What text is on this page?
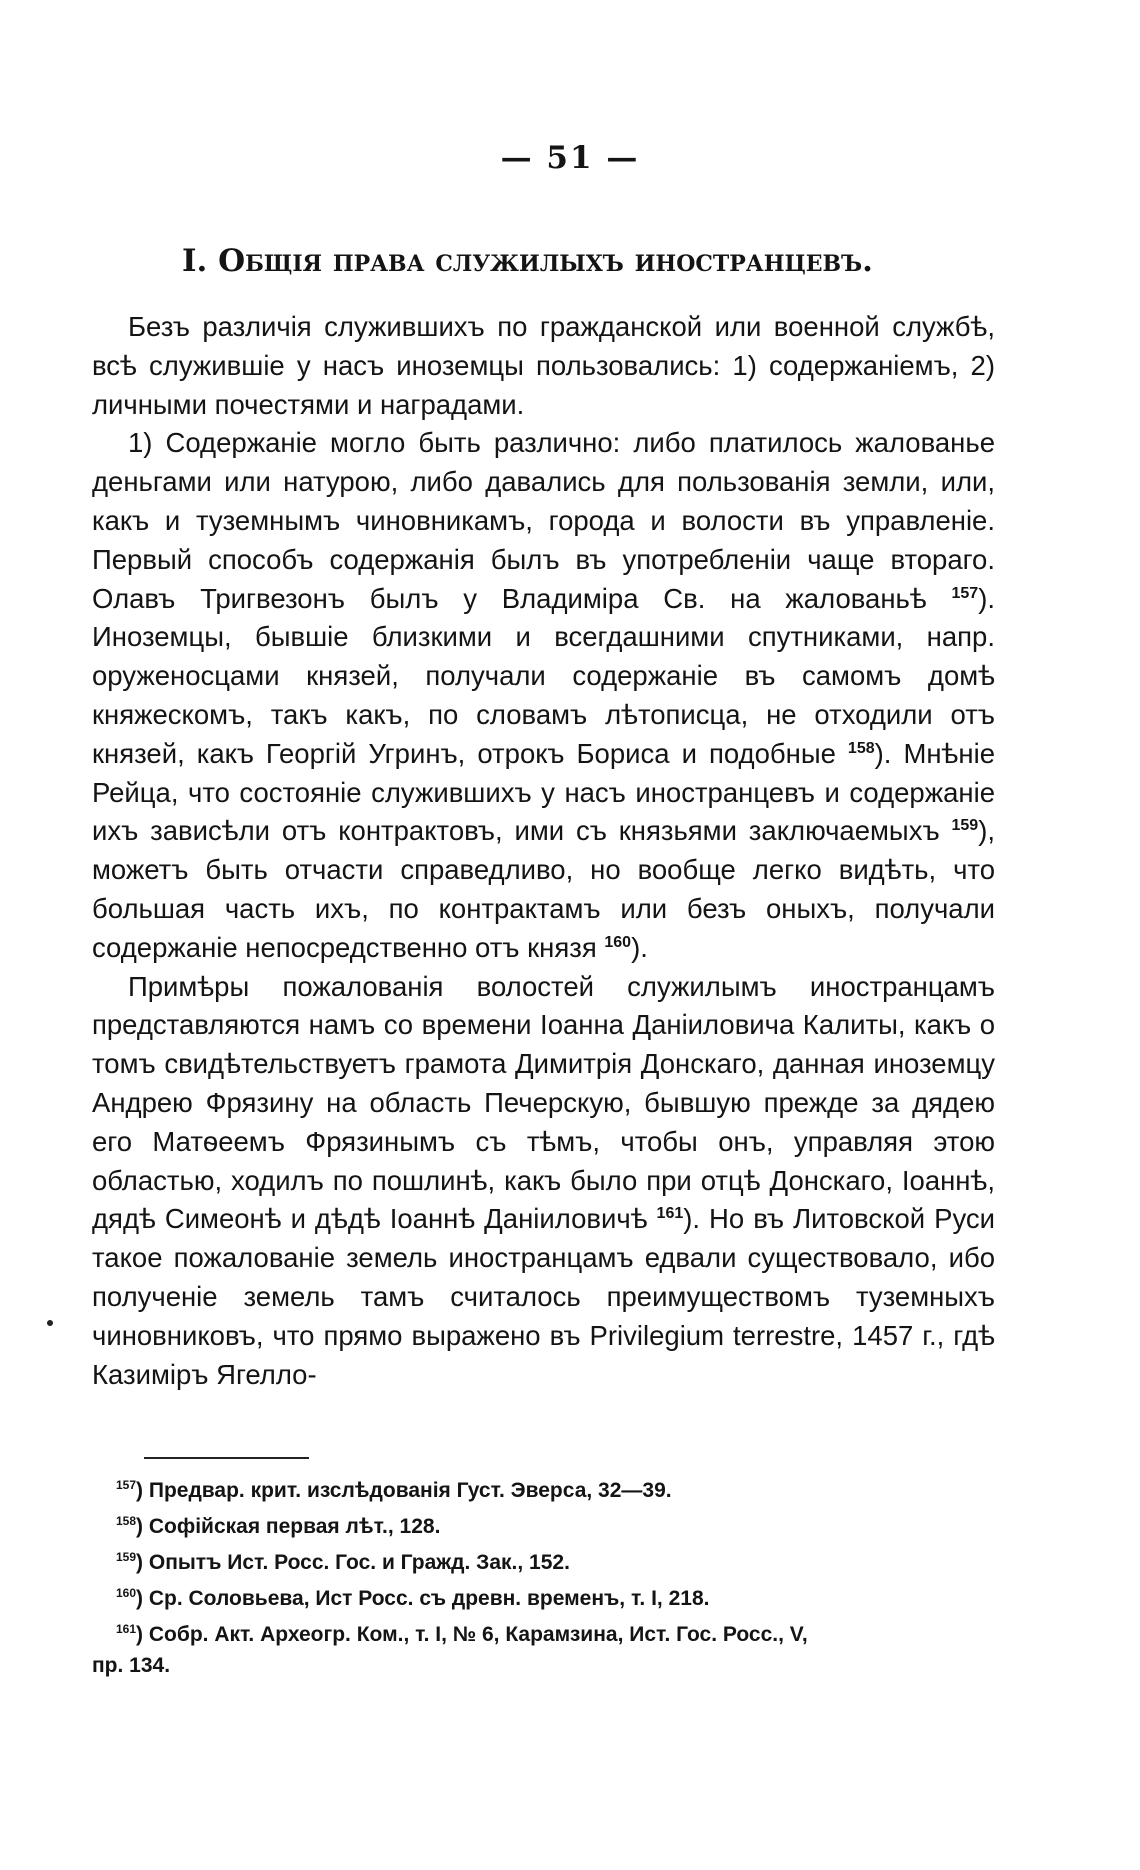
— 51 —
I. Общія права служилыхъ иностранцевъ.

Безъ различія служившихъ по гражданской или военной службѣ, всѣ служившіе у насъ иноземцы пользовались: 1) содержаніемъ, 2) личными почестями и наградами.

1) Содержаніе могло быть различно: либо платилось жалованье деньгами или натурою, либо давались для пользованія земли, или, какъ и туземнымъ чиновникамъ, города и волости въ управленіе. Первый способъ содержанія былъ въ употребленіи чаще втораго. Олавъ Тригвезонъ былъ у Владиміра Св. на жалованьѣ $^{157}$). Иноземцы, бывшіе близкими и всегдашними спутниками, напр. оруженосцами князей, получали содержаніе въ самомъ домѣ княжескомъ, такъ какъ, по словамъ лѣтописца, не отходили отъ князей, какъ Георгій Угринъ, отрокъ Бориса и подобные $^{158}$). Мнѣніе Рейца, что состояніе служившихъ у насъ иностранцевъ и содержаніе ихъ зависѣли отъ контрактовъ, ими съ князьями заключаемыхъ $^{159}$), можетъ быть отчасти справедливо, но вообще легко видѣть, что большая часть ихъ, по контрактамъ или безъ оныхъ, получали содержаніе непосредственно отъ князя $^{160}$).

Примѣры пожалованія волостей служилымъ иностранцамъ представляются намъ со времени Іоанна Даніиловича Калиты, какъ о томъ свидѣтельствуетъ грамота Димитрія Донскаго, данная иноземцу Андрею Фрязину на область Печерскую, бывшую прежде за дядею его Матѳеемъ Фрязинымъ съ тѣмъ, чтобы онъ, управляя этою областью, ходилъ по пошлинѣ, какъ было при отцѣ Донскаго, Іоаннѣ, дядѣ Симеонѣ и дѣдѣ Іоаннѣ Даніиловичѣ $^{161}$). Но въ Литовской Руси такое пожалованіе земель иностранцамъ едвали существовало, ибо полученіе земель тамъ считалось преимуществомъ туземныхъ чиновниковъ, что прямо выражено въ Privilegium terrestre, 1457 г., гдѣ Казиміръ Ягелло-

$^{157}$) Предвар. крит. изслѣдованія Густ. Эверса, 32—39.

$^{158}$) Софійская первая лѣт., 128.

$^{159}$) Опытъ Ист. Росс. Гос. и Гражд. Зак., 152.

$^{160}$) Ср. Соловьева, Ист Росс. съ древн. временъ, т. I, 218.

$^{161}$) Собр. Акт. Археогр. Ком., т. I, № 6, Карамзина, Ист. Гос. Росс., V,

пр. 134.
